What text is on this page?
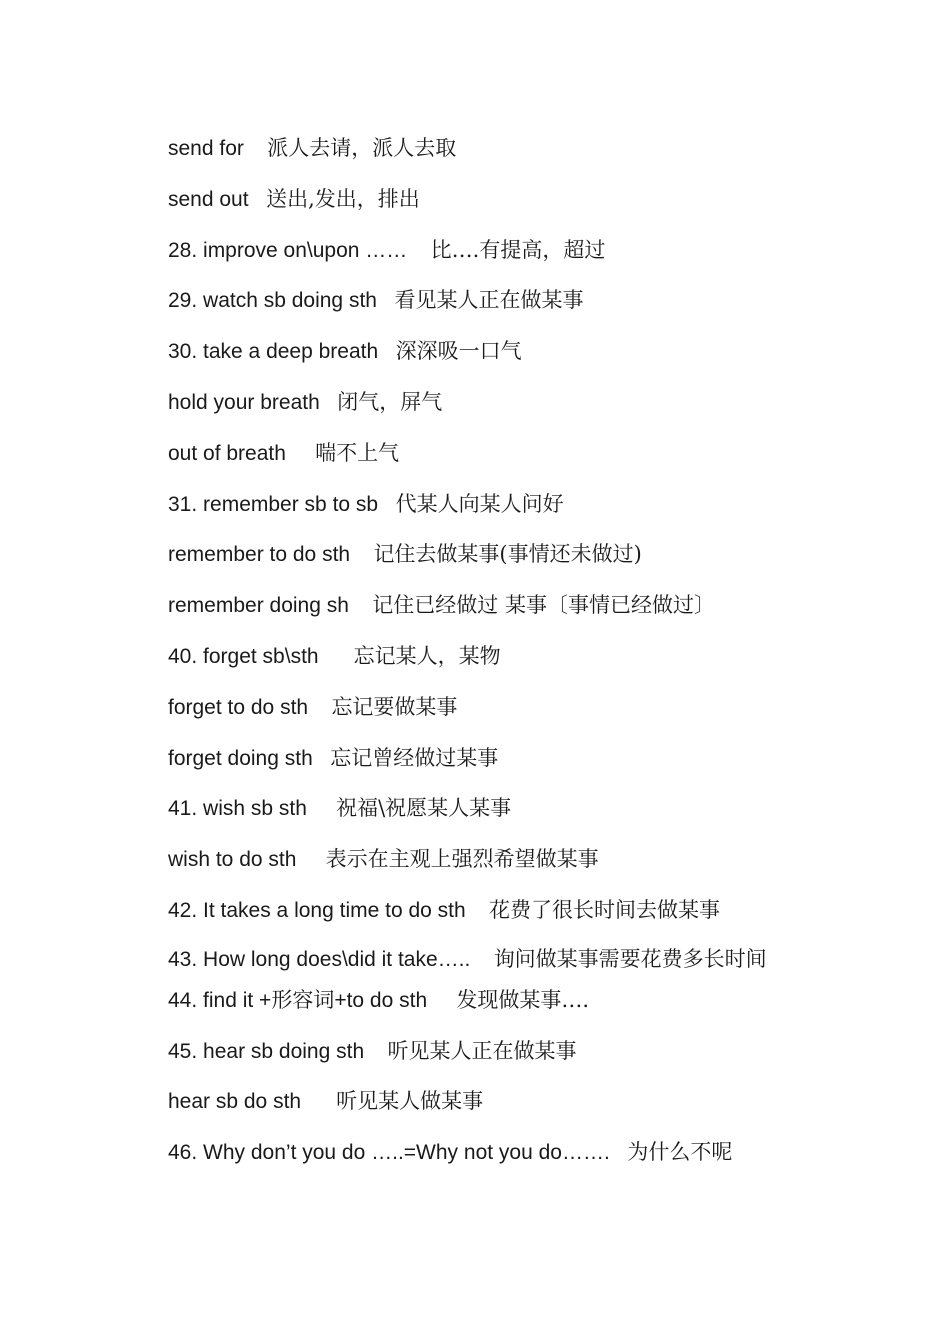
send for 派人去请，派人去取
send out 送出,发出，排出
28. improve on\upon …… 比….有提高，超过
29. watch sb doing sth 看见某人正在做某事
30. take a deep breath 深深吸一口气
hold your breath 闭气，屏气
out of breath 喘不上气
31. remember sb to sb 代某人向某人问好
remember to do sth 记住去做某事(事情还未做过)
remember doing sh 记住已经做过 某事〔事情已经做过〕
40. forget sb\sth 忘记某人，某物
forget to do sth 忘记要做某事
forget doing sth 忘记曾经做过某事
41. wish sb sth 祝福\祝愿某人某事
wish to do sth 表示在主观上强烈希望做某事
42. It takes a long time to do sth 花费了很长时间去做某事
43. How long does\did it take….. 询问做某事需要花费多长时间
44. find it +形容词+to do sth 发现做某事….
45. hear sb doing sth 听见某人正在做某事
hear sb do sth 听见某人做某事
46. Why don’t you do …..=Why not you do……. 为什么不呢
